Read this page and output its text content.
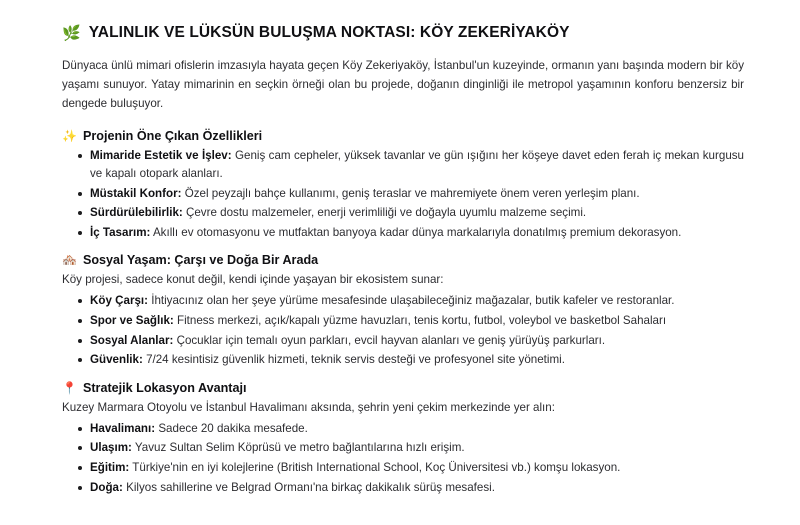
🌿 YALINLIK VE LÜKSÜN BULUŞMA NOKTASI: KÖY ZEKERİYAKÖY

Dünyaca ünlü mimari ofislerin imzasıyla hayata geçen Köy Zekeriyaköy, İstanbul'un kuzeyinde, ormanın yanı başında modern bir köy yaşamı sunuyor. Yatay mimarinin en seçkin örneği olan bu projede, doğanın dinginliği ile metropol yaşamının konforu benzersiz bir dengede buluşuyor.

✨ Projenin Öne Çıkan Özellikleri
Mimaride Estetik ve İşlev: Geniş cam cepheler, yüksek tavanlar ve gün ışığını her köşeye davet eden ferah iç mekan kurgusu ve kapalı otopark alanları.
Müstakil Konfor: Özel peyzajlı bahçe kullanımı, geniş teraslar ve mahremiyete önem veren yerleşim planı.
Sürdürülebilirlik: Çevre dostu malzemeler, enerji verimliliği ve doğayla uyumlu malzeme seçimi.
İç Tasarım: Akıllı ev otomasyonu ve mutfaktan banyoya kadar dünya markalarıyla donatılmış premium dekorasyon.
🏘️ Sosyal Yaşam: Çarşı ve Doğa Bir Arada

Köy projesi, sadece konut değil, kendi içinde yaşayan bir ekosistem sunar:

Köy Çarşı: İhtiyacınız olan her şeye yürüme mesafesinde ulaşabileceğiniz mağazalar, butik kafeler ve restoranlar.
Spor ve Sağlık: Fitness merkezi, açık/kapalı yüzme havuzları, tenis kortu, futbol, voleybol ve basketbol Sahaları
Sosyal Alanlar: Çocuklar için temalı oyun parkları, evcil hayvan alanları ve geniş yürüyüş parkurları.
Güvenlik: 7/24 kesintisiz güvenlik hizmeti, teknik servis desteği ve profesyonel site yönetimi.
📍 Stratejik Lokasyon Avantajı

Kuzey Marmara Otoyolu ve İstanbul Havalimanı aksında, şehrin yeni çekim merkezinde yer alın:

Havalimanı: Sadece 20 dakika mesafede.
Ulaşım: Yavuz Sultan Selim Köprüsü ve metro bağlantılarına hızlı erişim.
Eğitim: Türkiye'nin en iyi kolejlerine (British International School, Koç Üniversitesi vb.) komşu lokasyon.
Doğa: Kilyos sahillerine ve Belgrad Ormanı'na birkaç dakikalık sürüş mesafesi.
